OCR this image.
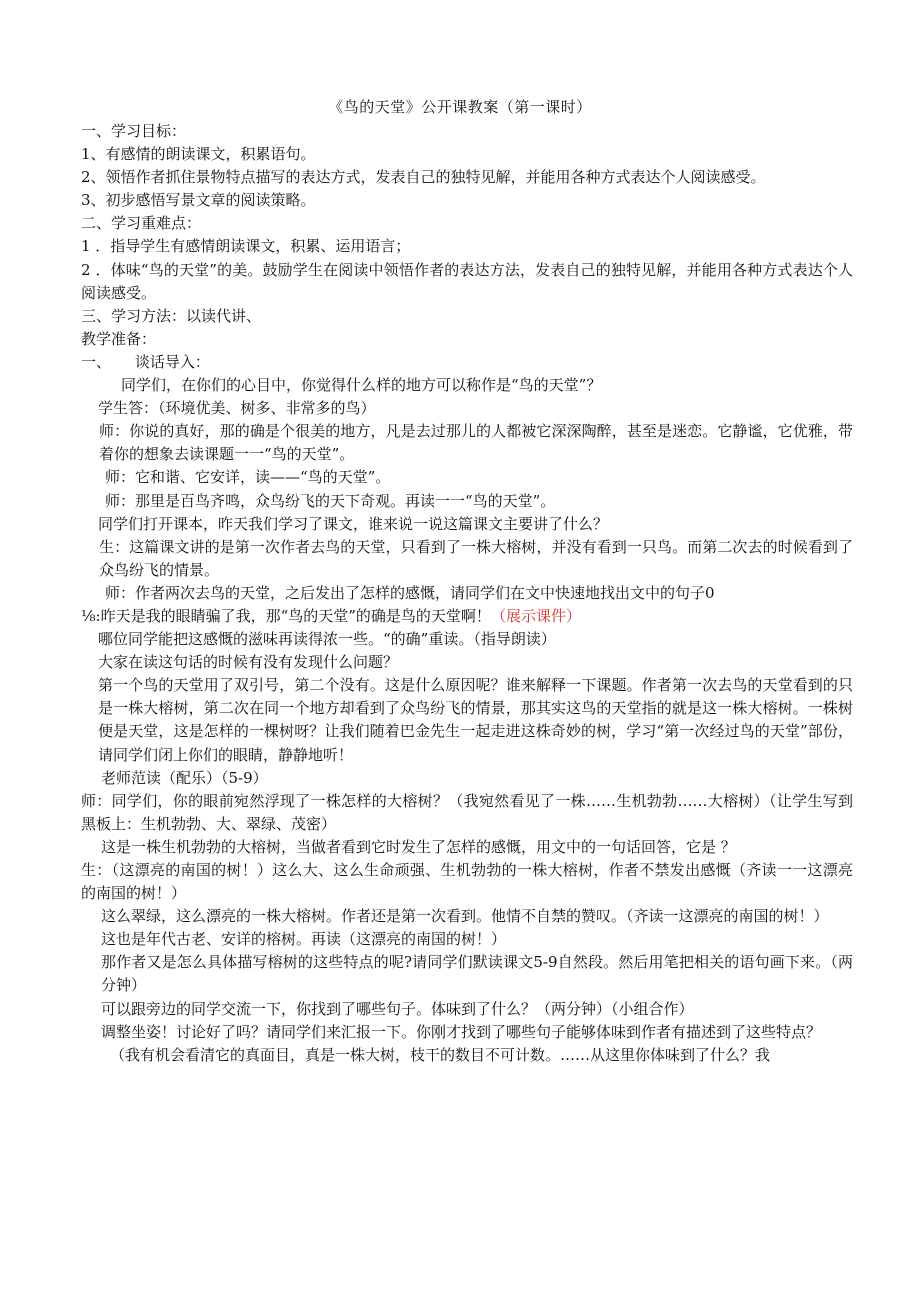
《鸟的天堂》公开课教案（第一课时）

一、学习目标：

1、有感情的朗读课文，积累语句。

2、领悟作者抓住景物特点描写的表达方式，发表自己的独特见解，并能用各种方式表达个人阅读感受。

3、初步感悟写景文章的阅读策略。

二、学习重难点：

1 ．指导学生有感情朗读课文，积累、运用语言；

2 ．体味“鸟的天堂”的美。鼓励学生在阅读中领悟作者的表达方法，发表自己的独特见解，并能用各种方式表达个人阅读感受。

三、学习方法：以读代讲、

教学准备：

一、     谈话导入：

同学们，在你们的心目中，你觉得什么样的地方可以称作是“鸟的天堂”？

学生答：（环境优美、树多、非常多的鸟）

师：你说的真好，那的确是个很美的地方，凡是去过那儿的人都被它深深陶醉，甚至是迷恋。它静谧，它优雅，带着你的想象去读课题一一“鸟的天堂”。

师：它和谐、它安详，读——“鸟的天堂”。

师：那里是百鸟齐鸣，众鸟纷飞的天下奇观。再读一一“鸟的天堂”。

同学们打开课本，昨天我们学习了课文，谁来说一说这篇课文主要讲了什么？

生：这篇课文讲的是第一次作者去鸟的天堂，只看到了一株大榕树，并没有看到一只鸟。而第二次去的时候看到了众鸟纷飞的情景。

师：作者两次去鸟的天堂，之后发出了怎样的感慨，请同学们在文中快速地找出文中的句子0

⅛:昨天是我的眼睛骗了我，那“鸟的天堂”的确是鸟的天堂啊！（展示课件）

哪位同学能把这感慨的滋味再读得浓一些。“的确”重读。（指导朗读）

大家在读这句话的时候有没有发现什么问题？

第一个鸟的天堂用了双引号，第二个没有。这是什么原因呢？谁来解释一下课题。作者第一次去鸟的天堂看到的只是一株大榕树，第二次在同一个地方却看到了众鸟纷飞的情景，那其实这鸟的天堂指的就是这一株大榕树。一株树便是天堂，这是怎样的一棵树呀？让我们随着巴金先生一起走进这株奇妙的树，学习“第一次经过鸟的天堂”部份，请同学们闭上你们的眼睛，静静地听！

老师范读（配乐）（5-9）

师：同学们，你的眼前宛然浮现了一株怎样的大榕树？（我宛然看见了一株……生机勃勃……大榕树）（让学生写到黑板上：生机勃勃、大、翠绿、茂密）

这是一株生机勃勃的大榕树，当做者看到它时发生了怎样的感慨，用文中的一句话回答，它是 ？

生：（这漂亮的南国的树！）这么大、这么生命顽强、生机勃勃的一株大榕树，作者不禁发出感慨（齐读一一这漂亮的南国的树！）

这么翠绿，这么漂亮的一株大榕树。作者还是第一次看到。他情不自禁的赞叹。（齐读一这漂亮的南国的树！）

这也是年代古老、安详的榕树。再读（这漂亮的南国的树！）

那作者又是怎么具体描写榕树的这些特点的呢?请同学们默读课文5-9自然段。然后用笔把相关的语句画下来。（两分钟）

可以跟旁边的同学交流一下，你找到了哪些句子。体味到了什么？（两分钟）（小组合作）

调整坐姿！讨论好了吗？请同学们来汇报一下。你刚才找到了哪些句子能够体味到作者有描述到了这些特点？

（我有机会看清它的真面目，真是一株大树，枝干的数目不可计数。……从这里你体味到了什么？我
